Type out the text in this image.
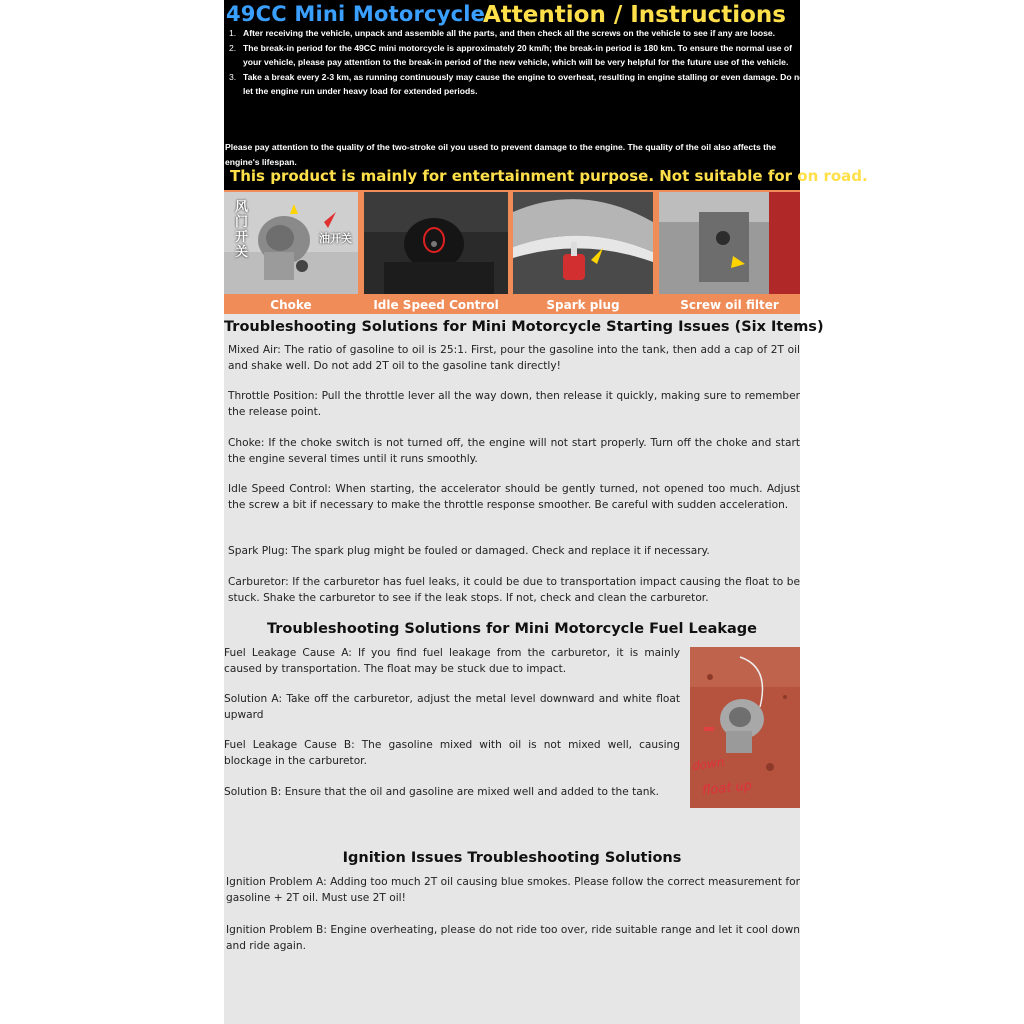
49CC Mini Motorcycle
Attention / Instructions
1. After receiving the vehicle, unpack and assemble all the parts, and then check all the screws on the vehicle to see if any are loose.
2. The break-in period for the 49CC mini motorcycle is approximately 20 km/h; the break-in period is 180 km. To ensure the normal use of your vehicle, please pay attention to the break-in period of the new vehicle, which will be very helpful for the future use of the vehicle.
3. Take a break every 2-3 km, as running continuously may cause the engine to overheat, resulting in engine stalling or even damage. Do not let the engine run under heavy load for extended periods.

Please pay attention to the quality of the two-stroke oil you used to prevent damage to the engine. The quality of the oil also affects the engine's lifespan.

This product is mainly for entertainment purpose. Not suitable for on road.
风门开关
油开关
Choke	Idle Speed Control	Spark plug	Screw oil filter
Troubleshooting Solutions for Mini Motorcycle Starting Issues (Six Items)

Mixed Air: The ratio of gasoline to oil is 25:1. First, pour the gasoline into the tank, then add a cap of 2T oil and shake well. Do not add 2T oil to the gasoline tank directly!

Throttle Position: Pull the throttle lever all the way down, then release it quickly, making sure to remember the release point.

Choke: If the choke switch is not turned off, the engine will not start properly. Turn off the choke and start the engine several times until it runs smoothly.

Idle Speed Control: When starting, the accelerator should be gently turned, not opened too much. Adjust the screw a bit if necessary to make the throttle response smoother. Be careful with sudden acceleration.

Spark Plug: The spark plug might be fouled or damaged. Check and replace it if necessary.

Carburetor: If the carburetor has fuel leaks, it could be due to transportation impact causing the float to be stuck. Shake the carburetor to see if the leak stops. If not, check and clean the carburetor.

Troubleshooting Solutions for Mini Motorcycle Fuel Leakage

Fuel Leakage Cause A: If you find fuel leakage from the carburetor, it is mainly caused by transportation. The float may be stuck due to impact.

Solution A: Take off the carburetor, adjust the metal level downward and white float upward

Fuel Leakage Cause B: The gasoline mixed with oil is not mixed well, causing blockage in the carburetor.

Solution B: Ensure that the oil and gasoline are mixed well and added to the tank.

down
float up
Ignition Issues Troubleshooting Solutions

Ignition Problem A: Adding too much 2T oil causing blue smokes. Please follow the correct measurement for gasoline + 2T oil. Must use 2T oil!

Ignition Problem B: Engine overheating, please do not ride too over, ride suitable range and let it cool down and ride again.
